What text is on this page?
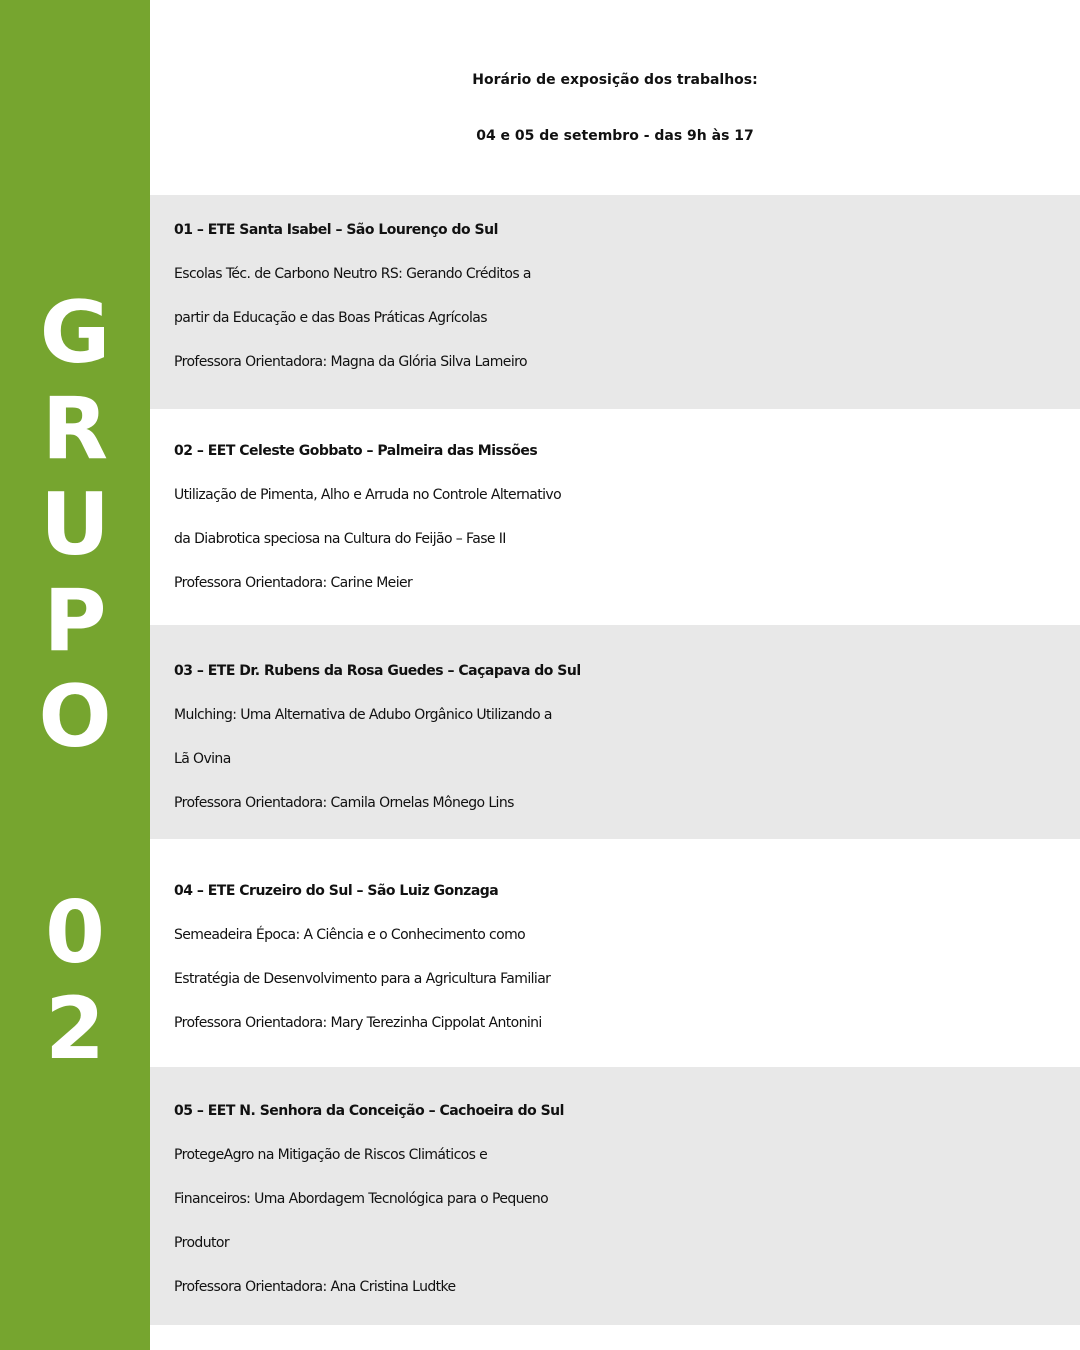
G
R
U
P
O
0
2
Horário de exposição dos trabalhos:
04 e 05 de setembro - das 9h às 17
01 – ETE Santa Isabel – São Lourenço do Sul
Escolas Téc. de Carbono Neutro RS: Gerando Créditos a
partir da Educação e das Boas Práticas Agrícolas
Professora Orientadora: Magna da Glória Silva Lameiro
02 – EET Celeste Gobbato – Palmeira das Missões
Utilização de Pimenta, Alho e Arruda no Controle Alternativo
da Diabrotica speciosa na Cultura do Feijão – Fase II
Professora Orientadora: Carine Meier
03 – ETE Dr. Rubens da Rosa Guedes – Caçapava do Sul
Mulching: Uma Alternativa de Adubo Orgânico Utilizando a
Lã Ovina
Professora Orientadora: Camila Ornelas Mônego Lins
04 – ETE Cruzeiro do Sul – São Luiz Gonzaga
Semeadeira Época: A Ciência e o Conhecimento como
Estratégia de Desenvolvimento para a Agricultura Familiar
Professora Orientadora: Mary Terezinha Cippolat Antonini
05 – EET N. Senhora da Conceição – Cachoeira do Sul
ProtegeAgro na Mitigação de Riscos Climáticos e
Financeiros: Uma Abordagem Tecnológica para o Pequeno
Produtor
Professora Orientadora: Ana Cristina Ludtke
